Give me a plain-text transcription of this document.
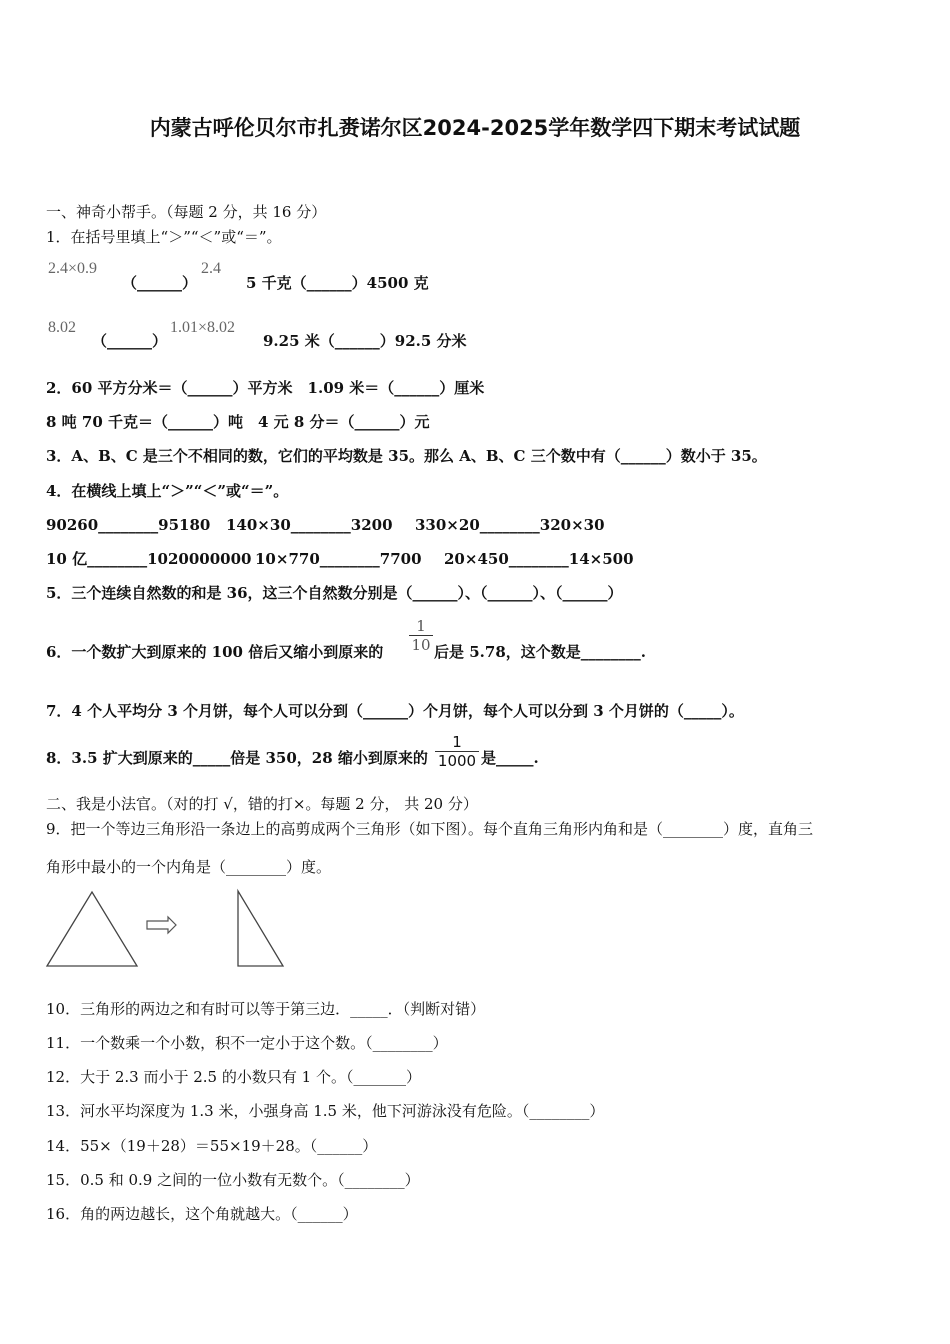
内蒙古呼伦贝尔市扎赉诺尔区2024-2025学年数学四下期末考试试题
一、神奇小帮手。（每题 2 分，共 16 分）
1．在括号里填上“＞”“＜”或“＝”。
2.4×0.9
（______）
2.4
5 千克（______）4500 克
8.02
（______）
1.01×8.02
9.25 米（______）92.5 分米
2．60 平方分米＝（______）平方米　1.09 米＝（______）厘米
8 吨 70 千克＝（______）吨　4 元 8 分＝（______）元
3．A、B、C 是三个不相同的数，它们的平均数是 35。那么 A、B、C 三个数中有（______）数小于 35。
4．在横线上填上“＞”“＜”或“＝”。
90260________95180 140×30________3200 330×20________320×30
10 亿________1020000000 10×770________7700 20×450________14×500
5．三个连续自然数的和是 36，这三个自然数分别是（______）、（______）、（______）
6．一个数扩大到原来的 100 倍后又缩小到原来的
1
10 后是 5.78，这个数是________.
7．4 个人平均分 3 个月饼，每个人可以分到（______）个月饼，每个人可以分到 3 个月饼的（_____）。
8．3.5 扩大到原来的_____倍是 350，28 缩小到原来的
1
1000 是_____.
二、我是小法官。（对的打 √，错的打×。每题 2 分， 共 20 分）
9．把一个等边三角形沿一条边上的高剪成两个三角形（如下图）。每个直角三角形内角和是（________）度，直角三
角形中最小的一个内角是（________）度。
10．三角形的两边之和有时可以等于第三边．_____．（判断对错）
11．一个数乘一个小数，积不一定小于这个数。（________）
12．大于 2.3 而小于 2.5 的小数只有 1 个。（_______）
13．河水平均深度为 1.3 米，小强身高 1.5 米，他下河游泳没有危险。（________）
14．55×（19＋28）＝55×19＋28。（______）
15．0.5 和 0.9 之间的一位小数有无数个。（________）
16．角的两边越长，这个角就越大。（______）
